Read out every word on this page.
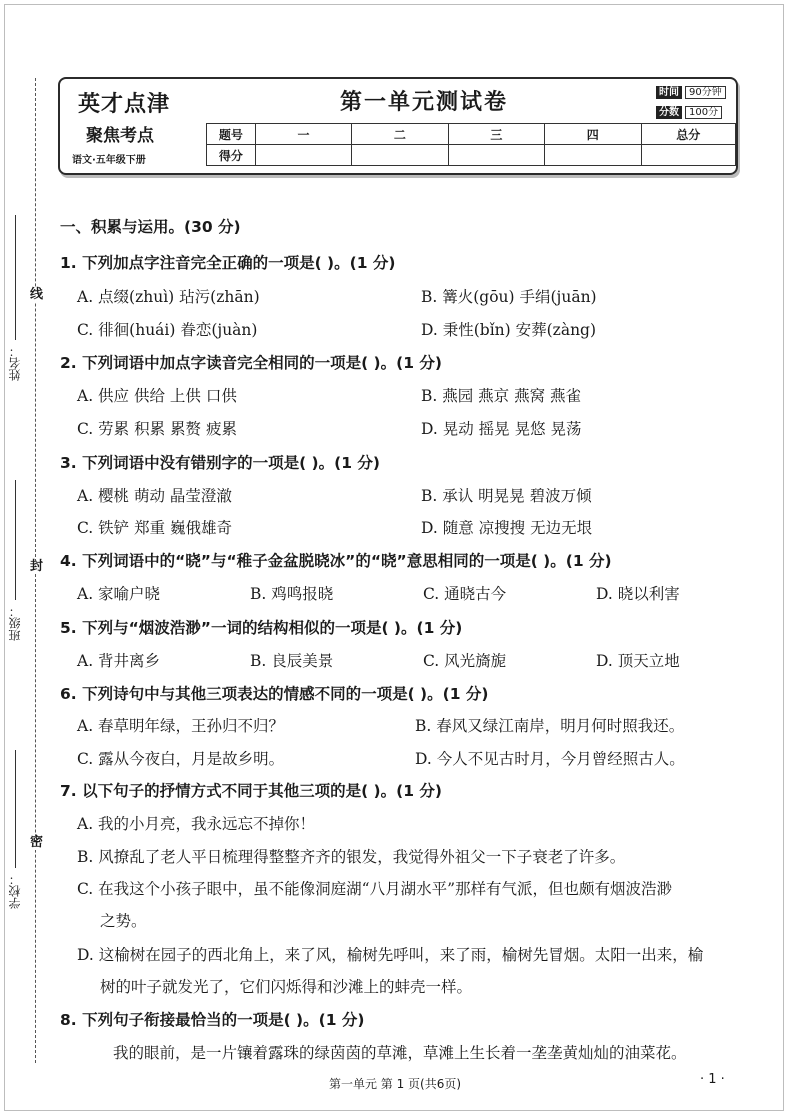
线
封
密
姓名：
班级：
学校：
英才点津
聚焦考点
语文·五年级下册
第一单元测试卷	时间 90分钟
分数 100分
题号	一	二	三	四	总分
得分					
一、积累与运用。(30 分)
1. 下列加点字注音完全正确的一项是( )。(1 分)
A. 点缀(zhuì) 玷污(zhān)	B. 篝火(gōu) 手绢(juān)
C. 徘徊(huái) 眷恋(juàn)	D. 秉性(bǐn) 安葬(zàng)
2. 下列词语中加点字读音完全相同的一项是( )。(1 分)
A. 供应 供给 上供 口供	B. 燕园 燕京 燕窝 燕雀
C. 劳累 积累 累赘 疲累	D. 晃动 摇晃 晃悠 晃荡
3. 下列词语中没有错别字的一项是( )。(1 分)
A. 樱桃 萌动 晶莹澄澈	B. 承认 明晃晃 碧波万倾
C. 铁铲 郑重 巍俄雄奇	D. 随意 凉搜搜 无边无垠
4. 下列词语中的“晓”与“稚子金盆脱晓冰”的“晓”意思相同的一项是( )。(1 分)
A. 家喻户晓	B. 鸡鸣报晓	C. 通晓古今	D. 晓以利害
5. 下列与“烟波浩渺”一词的结构相似的一项是( )。(1 分)
A. 背井离乡	B. 良辰美景	C. 风光旖旎	D. 顶天立地
6. 下列诗句中与其他三项表达的情感不同的一项是( )。(1 分)
A. 春草明年绿，王孙归不归？	B. 春风又绿江南岸，明月何时照我还。
C. 露从今夜白，月是故乡明。	D. 今人不见古时月，今月曾经照古人。
7. 以下句子的抒情方式不同于其他三项的是( )。(1 分)
A. 我的小月亮，我永远忘不掉你！
B. 风撩乱了老人平日梳理得整整齐齐的银发，我觉得外祖父一下子衰老了许多。
C. 在我这个小孩子眼中，虽不能像洞庭湖“八月湖水平”那样有气派，但也颇有烟波浩渺
之势。
D. 这榆树在园子的西北角上，来了风，榆树先呼叫，来了雨，榆树先冒烟。太阳一出来，榆
树的叶子就发光了，它们闪烁得和沙滩上的蚌壳一样。
8. 下列句子衔接最恰当的一项是( )。(1 分)
我的眼前，是一片镶着露珠的绿茵茵的草滩，草滩上生长着一垄垄黄灿灿的油菜花。
第一单元 第 1 页(共6页)	· 1 ·
